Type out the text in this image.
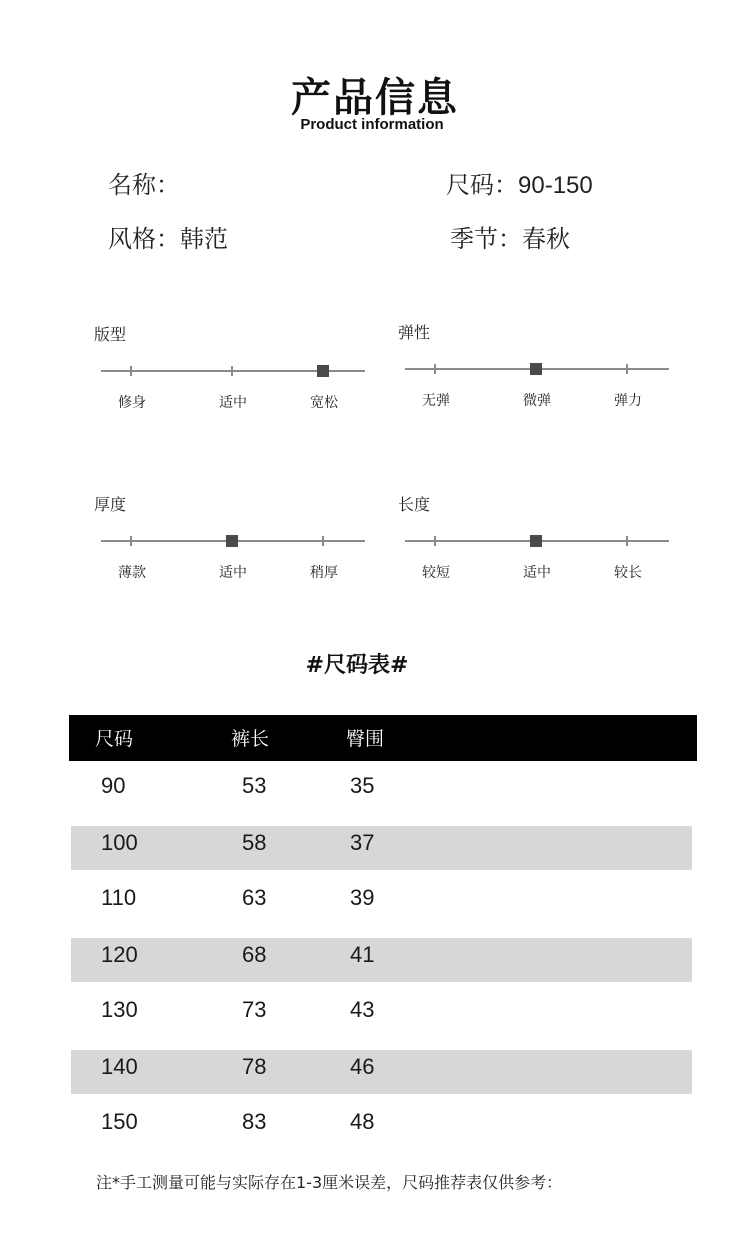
产品信息
Product information
名称：	尺码：90-150
风格：韩范	季节：春秋
版型
修身	适中	宽松
弹性
无弹	微弹	弹力
厚度
薄款	适中	稍厚
长度
较短	适中	较长
#尺码表#
尺码	裤长	臀围
90	53	35
100	58	37
110	63	39
120	68	41
130	73	43
140	78	46
150	83	48
注*手工测量可能与实际存在1-3厘米误差，尺码推荐表仅供参考：
